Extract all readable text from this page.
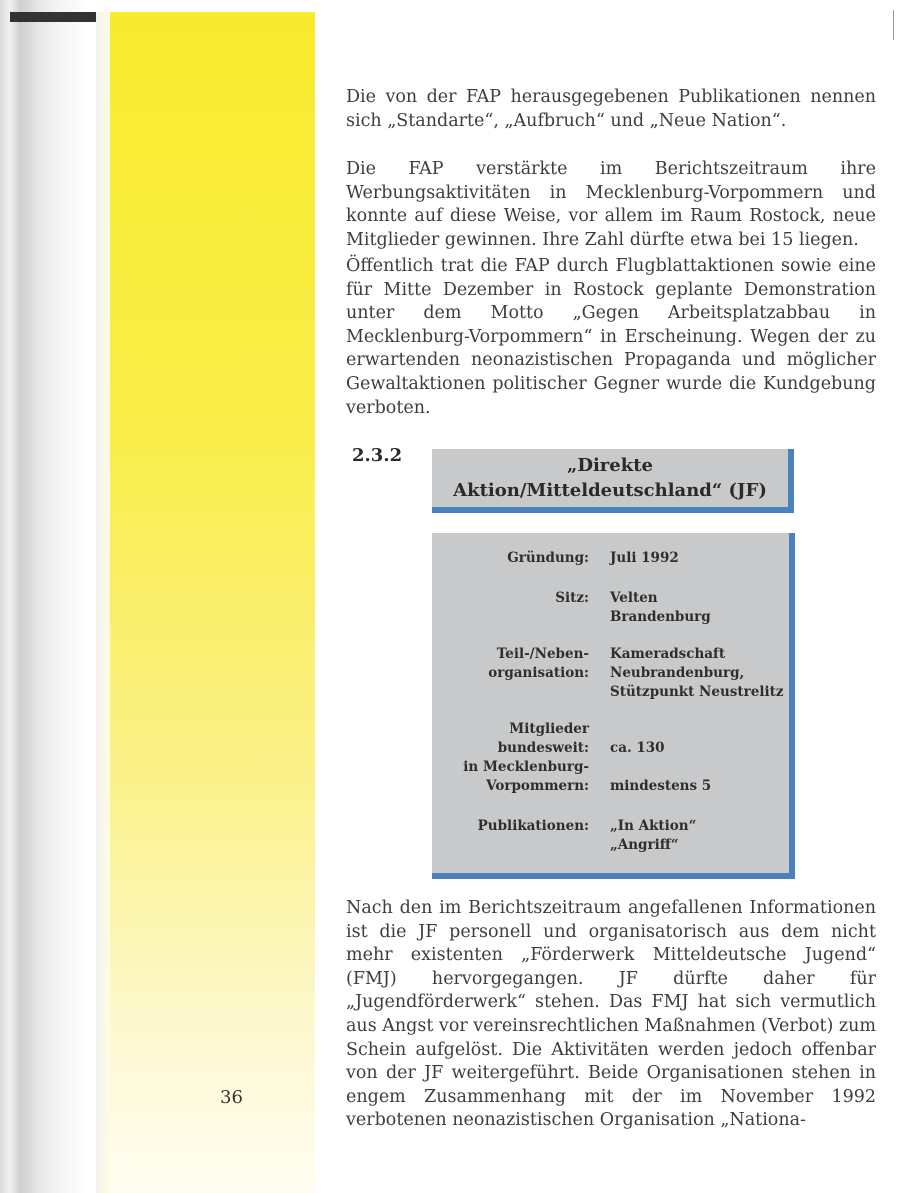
Die von der FAP herausgegebenen Publikationen nennen sich „Standarte“, „Aufbruch“ und „Neue Nation“.

Die FAP verstärkte im Berichtszeitraum ihre Werbungsaktivitäten in Mecklenburg-Vorpommern und konnte auf diese Weise, vor allem im Raum Rostock, neue Mitglieder gewinnen. Ihre Zahl dürfte etwa bei 15 liegen.

Öffentlich trat die FAP durch Flugblattaktionen sowie eine für Mitte Dezember in Rostock geplante Demonstration unter dem Motto „Gegen Arbeitsplatzabbau in Mecklenburg-Vorpommern“ in Erscheinung. Wegen der zu erwartenden neonazistischen Propaganda und möglicher Gewaltaktionen politischer Gegner wurde die Kundgebung verboten.

2.3.2	„Direkte
Aktion/Mitteldeutschland“ (JF)
Gründung: Juli 1992
Sitz: Velten
Brandenburg
Teil-/Neben-
organisation:
Kameradschaft
Neubrandenburg,
Stützpunkt Neustrelitz
Mitglieder
bundesweit: ca. 130
in Mecklenburg-
Vorpommern: mindestens 5
Publikationen: „In Aktion“
„Angriff“

Nach den im Berichtszeitraum angefallenen Informationen ist die JF personell und organisatorisch aus dem nicht mehr existenten „Förderwerk Mitteldeutsche Jugend“ (FMJ) hervorgegangen. JF dürfte daher für „Jugendförderwerk“ stehen. Das FMJ hat sich vermutlich aus Angst vor vereinsrechtlichen Maßnahmen (Verbot) zum Schein aufgelöst. Die Aktivitäten werden jedoch offenbar von der JF weitergeführt. Beide Organisationen stehen in engem Zusammenhang mit der im November 1992 verbotenen neonazistischen Organisation „Nationa-

36
